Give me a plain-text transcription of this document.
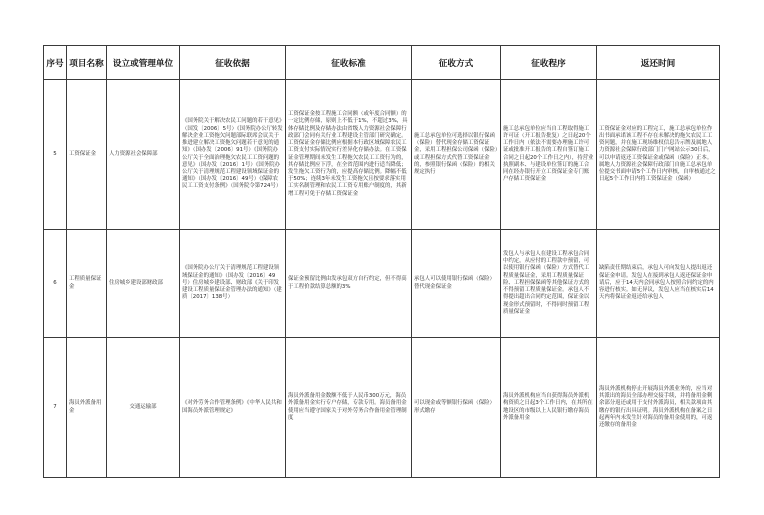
序号	项目名称	设立或管理单位	征收依据	征收标准	征收方式	征收程序	返还时间
5	工资保证金	人力资源社会保障部	《国务院关于解决农民工问题的若干意见》（国发〔2006〕5号）《国务院办公厅转发解决企业工资拖欠问题部际联席会议关于推进建立解决工资拖欠问题若干意见的通知》（国办发〔2006〕91号）《国务院办公厅关于全面治理拖欠农民工工资问题的意见》（国办发〔2016〕1号）《国务院办公厅关于清理规范工程建设领域保证金的通知》（国办发〔2016〕49号）《保障农民工工资支付条例》（国务院令第724号）	工资保证金按工程施工合同额（或年度合同额）的一定比例存储，原则上不低于1%，不超过3%，具体存储比例及存储办法由省级人力资源社会保障行政部门会同有关行业工程建设主管部门研究确定。工资保证金存储比例应根据本行政区域保障农民工工资支付实际情况实行差异化存储办法。在工资保证金管理期间未发生工程拖欠农民工工资行为的，其存储比例应下浮，在全省范围内进行适当降低；发生拖欠工资行为的，应提高存储比例。降幅不低于50%；连续3年未发生工资拖欠且按要求落实用工实名制管理和农民工工资专用账户制度的，其新增工程可免于存储工资保证金	施工总承包单位可选择以银行保函（保险）替代现金存储工资保证金，采用工程担保公司保函（保险）或工程担保方式代替工资保证金的，参照银行保函（保险）的相关规定执行	施工总承包单位应当自工程取得施工许可证（开工报告批复）之日起20个工作日内（依法不需要办理施工许可证或批准开工报告的工程自签订施工合同之日起20个工作日之内），持营业执照副本、与建设单位签订的施工合同在经办银行开立工资保证金专门账户存储工资保证金	工资保证金对应的工程完工，施工总承包单位作出书面承诺该工程不存在未解决的拖欠农民工工资问题，并在施工现场维权信息告示牌及属地人力资源社会保障行政部门门户网站公示30日后，可以申请返还工资保证金或保函（保险）正本。属地人力资源社会保障行政部门自施工总承包单位提交书面申请5个工作日内审核，自审核通过之日起5个工作日内将工资保证金（保函）
6	工程质量保证金	住房城乡建设部财政部	《国务院办公厅关于清理规范工程建设领域保证金的通知》（国办发〔2016〕49号）住房城乡建设部、财政部《关于印发建设工程质量保证金管理办法的通知》（建质〔2017〕138号）	保证金预留比例由发承包双方自行约定，但不得高于工程价款结算总额的3%	承包人可以使用银行保函（保险）替代现金保证金	发包人与承包人在建设工程承包合同中约定，从应付的工程款中预留，可以使用银行保函（保险）方式替代工程质量保证金，采用工程质量保证险、工程担保保函等其他保证方式的不得预留工程质量保证金。承包人不得提出超出合同约定范围，保证金以现金形式预留时，不得同时预留工程质量保证金	缺陷责任期结束后，承包人可向发包人提出返还保证金申请。发包人在接到承包人返还保证金申请后，应于14天内会同承包人按照合同约定的内容进行核实。如无异议，发包人应当在核实后14天内将保证金返还给承包人
7	海员外派备用金	交通运输部	《对外劳务合作管理条例》《中华人民共和国海员外派管理规定》	海员外派备用金数额不低于人民币300万元，海员外派备用金实行专户存储，专款专用。海员备用金使用应当遵守国家关于对外劳务合作备用金管理制度	可以现金或等额银行保函（保险）形式缴存	海员外派机构应当自获得海员外派机构资质之日起3个工作日内，在其所在地设区的市级以上人民银行缴存海员外派备用金	海员外派机构停止开展海员外派业务的，应当对其派出的海员全部办理交接手续，并将备用金剩余部分返还或用于支付外派海员，相关款项由其缴存的银行出具证明。海员外派机构在备案之日起两年内未发生针对海员的备用金使用的，可返还缴存的备用金
